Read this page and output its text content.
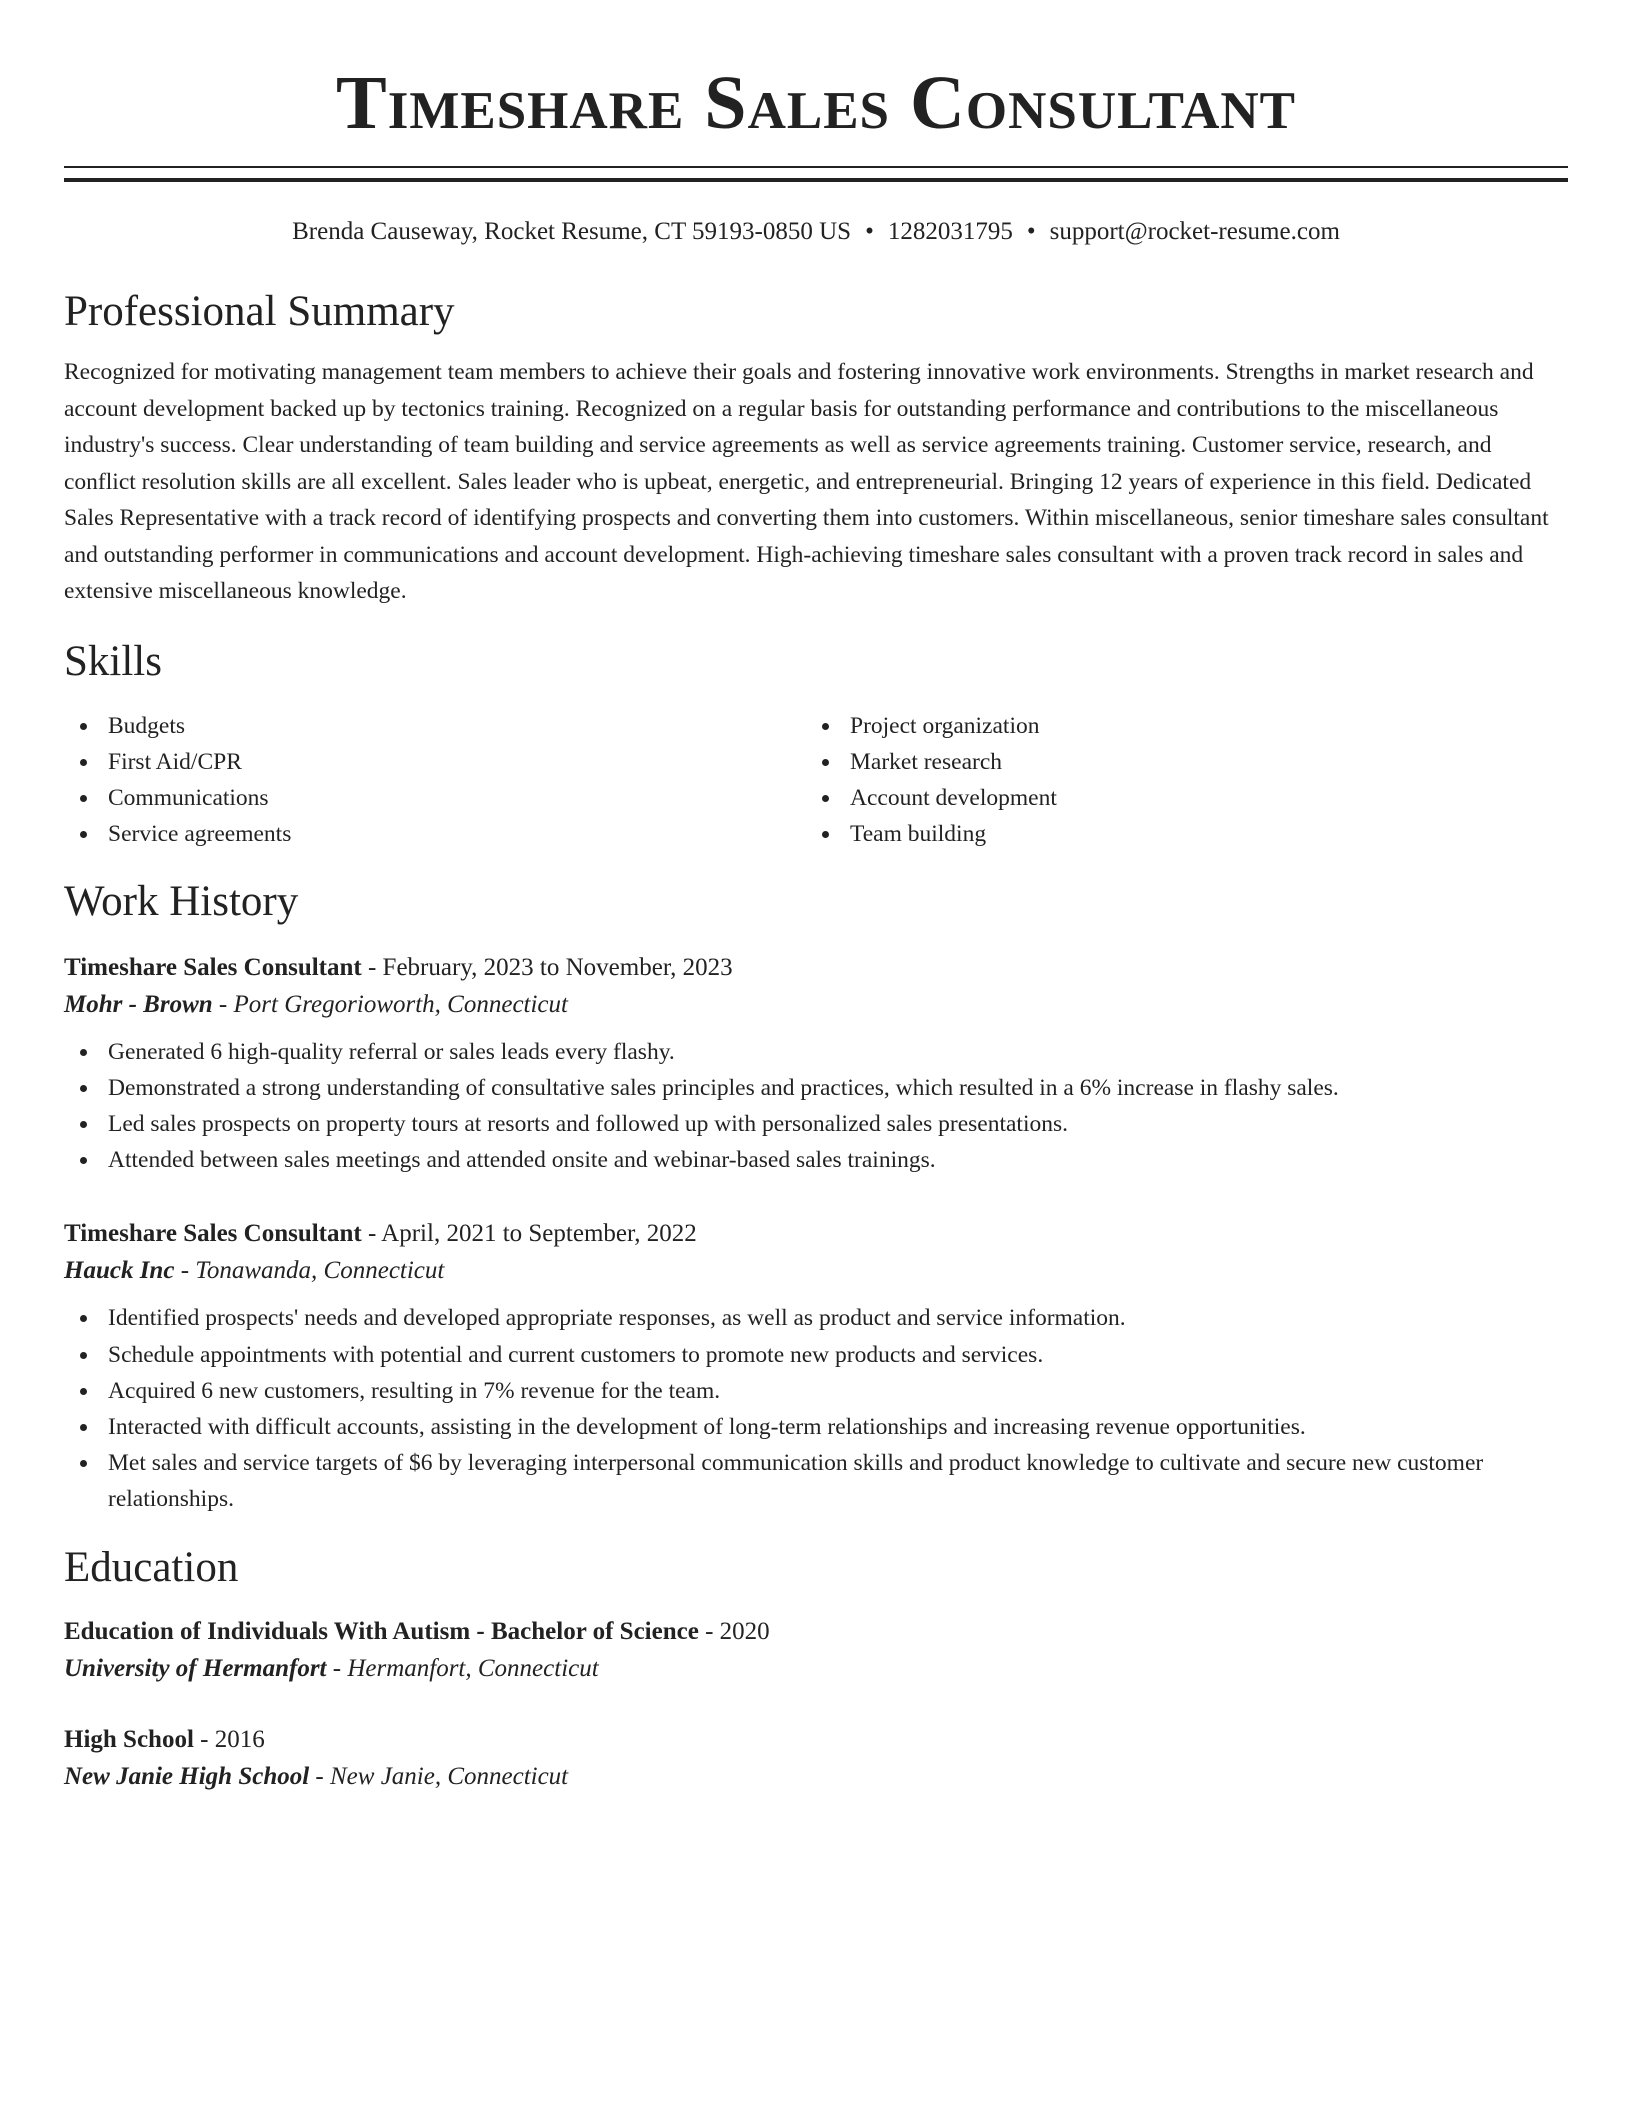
Timeshare Sales Consultant
Brenda Causeway, Rocket Resume, CT 59193-0850 US • 1282031795 • support@rocket-resume.com
Professional Summary
Recognized for motivating management team members to achieve their goals and fostering innovative work environments. Strengths in market research and account development backed up by tectonics training. Recognized on a regular basis for outstanding performance and contributions to the miscellaneous industry's success. Clear understanding of team building and service agreements as well as service agreements training. Customer service, research, and conflict resolution skills are all excellent. Sales leader who is upbeat, energetic, and entrepreneurial. Bringing 12 years of experience in this field. Dedicated Sales Representative with a track record of identifying prospects and converting them into customers. Within miscellaneous, senior timeshare sales consultant and outstanding performer in communications and account development. High-achieving timeshare sales consultant with a proven track record in sales and extensive miscellaneous knowledge.
Skills
Budgets
First Aid/CPR
Communications
Service agreements
Project organization
Market research
Account development
Team building
Work History
Timeshare Sales Consultant - February, 2023 to November, 2023
Mohr - Brown - Port Gregorioworth, Connecticut
Generated 6 high-quality referral or sales leads every flashy.
Demonstrated a strong understanding of consultative sales principles and practices, which resulted in a 6% increase in flashy sales.
Led sales prospects on property tours at resorts and followed up with personalized sales presentations.
Attended between sales meetings and attended onsite and webinar-based sales trainings.
Timeshare Sales Consultant - April, 2021 to September, 2022
Hauck Inc - Tonawanda, Connecticut
Identified prospects' needs and developed appropriate responses, as well as product and service information.
Schedule appointments with potential and current customers to promote new products and services.
Acquired 6 new customers, resulting in 7% revenue for the team.
Interacted with difficult accounts, assisting in the development of long-term relationships and increasing revenue opportunities.
Met sales and service targets of $6 by leveraging interpersonal communication skills and product knowledge to cultivate and secure new customer relationships.
Education
Education of Individuals With Autism - Bachelor of Science - 2020
University of Hermanfort - Hermanfort, Connecticut
High School - 2016
New Janie High School - New Janie, Connecticut
